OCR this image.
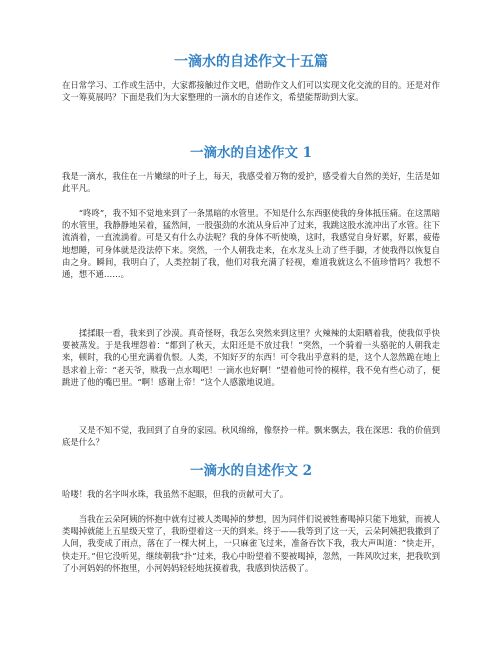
一滴水的自述作文十五篇

在日常学习、工作或生活中，大家都接触过作文吧，借助作文人们可以实现文化交流的目的。还是对作文一筹莫展吗？下面是我们为大家整理的一滴水的自述作文，希望能帮助到大家。

一滴水的自述作文 1

我是一滴水，我住在一片嫩绿的叶子上，每天，我感受着万物的爱护，感受着大自然的美好，生活是如此平凡。

“咚咚”，我不知不觉地来到了一条黑暗的水管里。不知是什么东西驱使我的身体抵压痛。在这黑暗的水管里，我静静地呆着，猛然间，一股强劲的水流从身后冲了过来，我跳这股水流冲出了水管。往下流淌着，一直流淌着。可是又有什么办法呢？我的身体不听使唤，这时，我感觉自身好累，好累，疲倦地想睡，可身体就是没法停下来。突然，一个人朝我走来，在水龙头上动了些手脚，才使我得以恢复自由之身。瞬间，我明白了，人类控制了我，他们对我充满了轻视，难道我就这么不值珍惜吗？我想不通，想不通……。

揉揉眼一看，我来到了沙漠。真奇怪呀，我怎么突然来到这里？火辣辣的太阳晒着我，使我似乎快要被蒸发。于是我埋怨着：“都到了秋天，太阳还是不放过我！”突然，一个骑着一头骆驼的人朝我走来，顿时，我的心里充满着仇恨。人类，不知好歹的东西！可令我出乎意料的是，这个人忽然跪在地上恳求着上帝：“老天爷，赎我一点水喝吧！一滴水也好啊！”望着他可怜的模样，我不免有些心动了，便跳进了他的嘴巴里。“啊！感谢上帝！”这个人感激地说道。

又是不知不觉，我回到了自身的家园。秋风绵绵，像祭拎一样。飘来飘去，我在深思：我的价值到底是什么？

一滴水的自述作文 2

哈喽！我的名字叫水珠，我虽然不起眼，但我的贡献可大了。

当我在云朵阿姨的怀抱中就有过被人类喝掉的梦想，因为同伴们说被牲畜喝掉只能下地狱，而被人类喝掉就能上五星级天堂了，我盼望着这一天的到来。终于——我等到了这一天，云朵阿姨把我撒到了人间，我变成了雨点，落在了一棵大树上，一只麻雀飞过来，准备吞饮下我，我大声叫道：“快走开，快走开。”但它没听见，继续朝我“扑”过来，我心中盼望着不要被喝掉，忽然，一阵风吹过来，把我吹到了小河妈妈的怀抱里，小河妈妈轻轻地抚摸着我，我感到快活极了。
